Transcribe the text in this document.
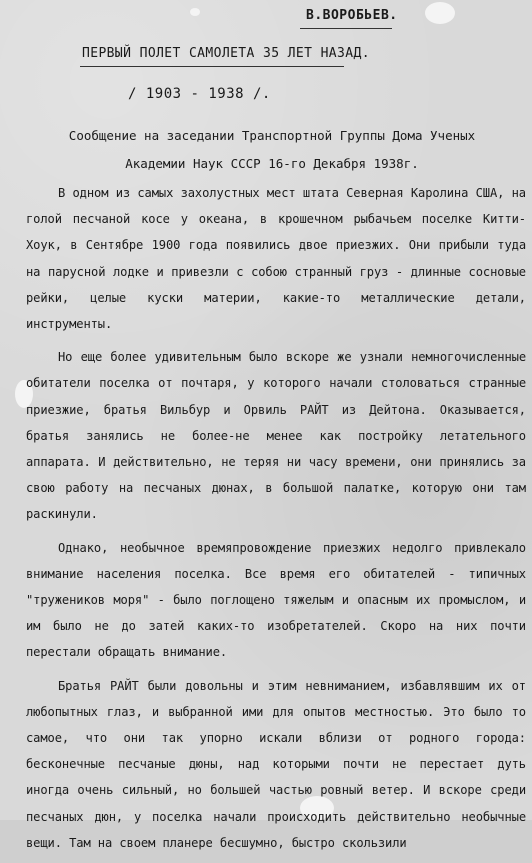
В.ВОРОБЬЕВ.
ПЕРВЫЙ ПОЛЕТ САМОЛЕТА 35 ЛЕТ НАЗАД.
/ 1903 - 1938 /.
Сообщение на заседании Транспортной Группы Дома Ученых
Академии Наук СССР 16-го Декабря 1938г.

В одном из самых захолустных мест штата Северная Каролина США, на голой песчаной косе у океана, в крошечном рыбачьем поселке Китти-Хоук, в Сентябре 1900 года появились двое приезжих. Они прибыли туда на парусной лодке и привезли с собою странный груз - длинные сосновые рейки, целые куски материи, какие-то металлические детали, инструменты.

Но еще более удивительным было вскоре же узнали немногочисленные обитатели поселка от почтаря, у которого начали столоваться странные приезжие, братья Вильбур и Орвиль РАЙТ из Дейтона. Оказывается, братья занялись не более-не менее как постройку летательного аппарата. И действительно, не теряя ни часу времени, они принялись за свою работу на песчаных дюнах, в большой палатке, которую они там раскинули.

Однако, необычное времяпровождение приезжих недолго привлекало внимание населения поселка. Все время его обитателей - типичных "тружеников моря" - было поглощено тяжелым и опасным их промыслом, и им было не до затей каких-то изобретателей. Скоро на них почти перестали обращать внимание.

Братья РАЙТ были довольны и этим невниманием, избавлявшим их от любопытных глаз, и выбранной ими для опытов местностью. Это было то самое, что они так упорно искали вблизи от родного города: бесконечные песчаные дюны, над которыми почти не перестает дуть иногда очень сильный, но большей частью ровный ветер. И вскоре среди песчаных дюн, у поселка начали происходить действительно необычные вещи. Там на своем планере бесшумно, быстро скользили
